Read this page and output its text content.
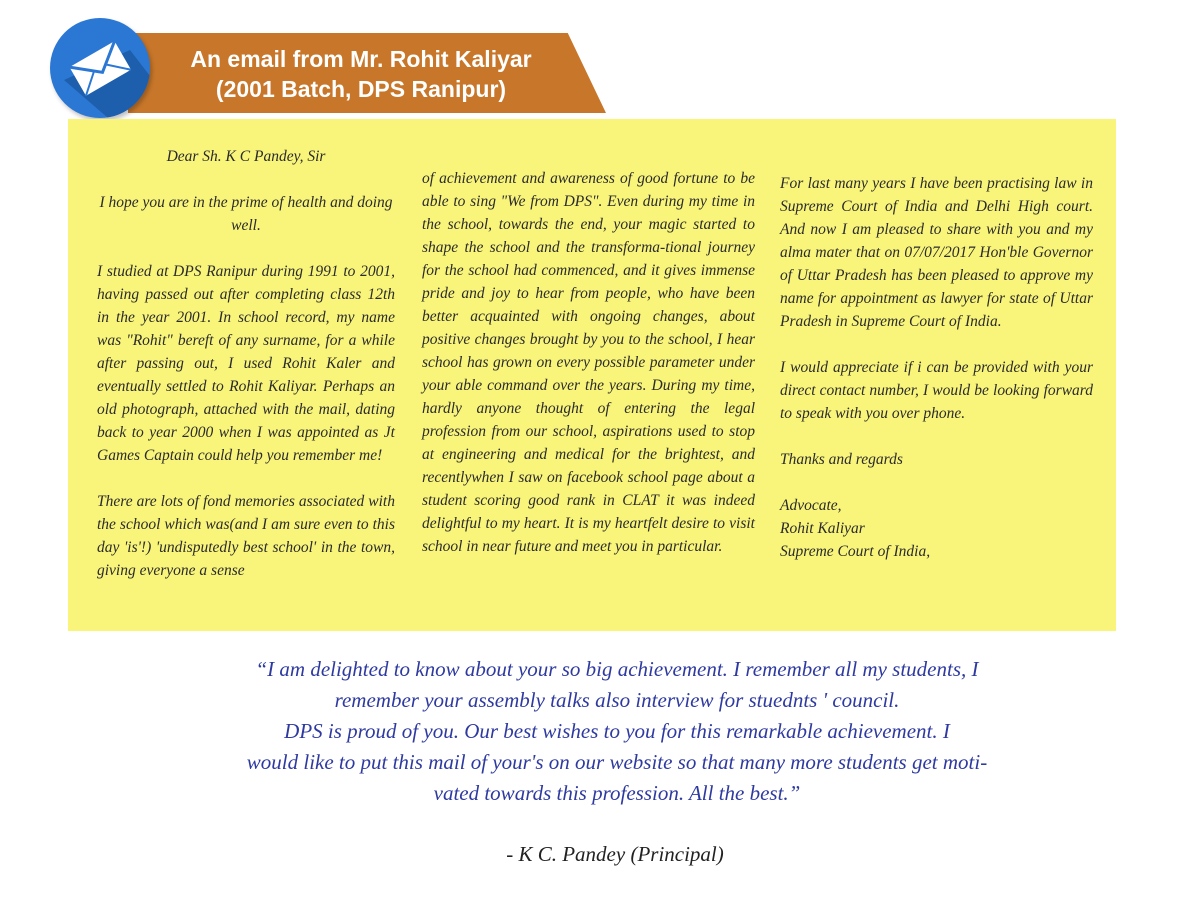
An email from Mr. Rohit Kaliyar
(2001 Batch, DPS Ranipur)

Dear Sh. K C Pandey, Sir

I hope you are in the prime of health and doing well.

I studied at DPS Ranipur during 1991 to 2001, having passed out after completing class 12th in the year 2001. In school record, my name was "Rohit" bereft of any surname, for a while after passing out, I used Rohit Kaler and eventually settled to Rohit Kaliyar. Perhaps an old photograph, attached with the mail, dating back to year 2000 when I was appointed as Jt Games Captain could help you remember me!

There are lots of fond memories associated with the school which was(and I am sure even to this day 'is'!) 'undisputedly best school' in the town, giving everyone a sense

of achievement and awareness of good fortune to be able to sing "We from DPS". Even during my time in the school, towards the end, your magic started to shape the school and the transforma-tional journey for the school had commenced, and it gives immense pride and joy to hear from people, who have been better acquainted with ongoing changes, about positive changes brought by you to the school, I hear school has grown on every possible parameter under your able command over the years. During my time, hardly anyone thought of entering the legal profession from our school, aspirations used to stop at engineering and medical for the brightest, and recentlywhen I saw on facebook school page about a student scoring good rank in CLAT it was indeed delightful to my heart. It is my heartfelt desire to visit school in near future and meet you in particular.

For last many years I have been practising law in Supreme Court of India and Delhi High court. And now I am pleased to share with you and my alma mater that on 07/07/2017 Hon'ble Governor of Uttar Pradesh has been pleased to approve my name for appointment as lawyer for state of Uttar Pradesh in Supreme Court of India.

I would appreciate if i can be provided with your direct contact number, I would be looking forward to speak with you over phone.

Thanks and regards

Advocate,
Rohit Kaliyar
Supreme Court of India,

“I am delighted to know about your so big achievement. I remember all my students, I
remember your assembly talks also interview for stuednts ' council.
DPS is proud of you. Our best wishes to you for this remarkable achievement. I
would like to put this mail of your's on our website so that many more students get moti-
vated towards this profession. All the best.”
- K C. Pandey (Principal)
